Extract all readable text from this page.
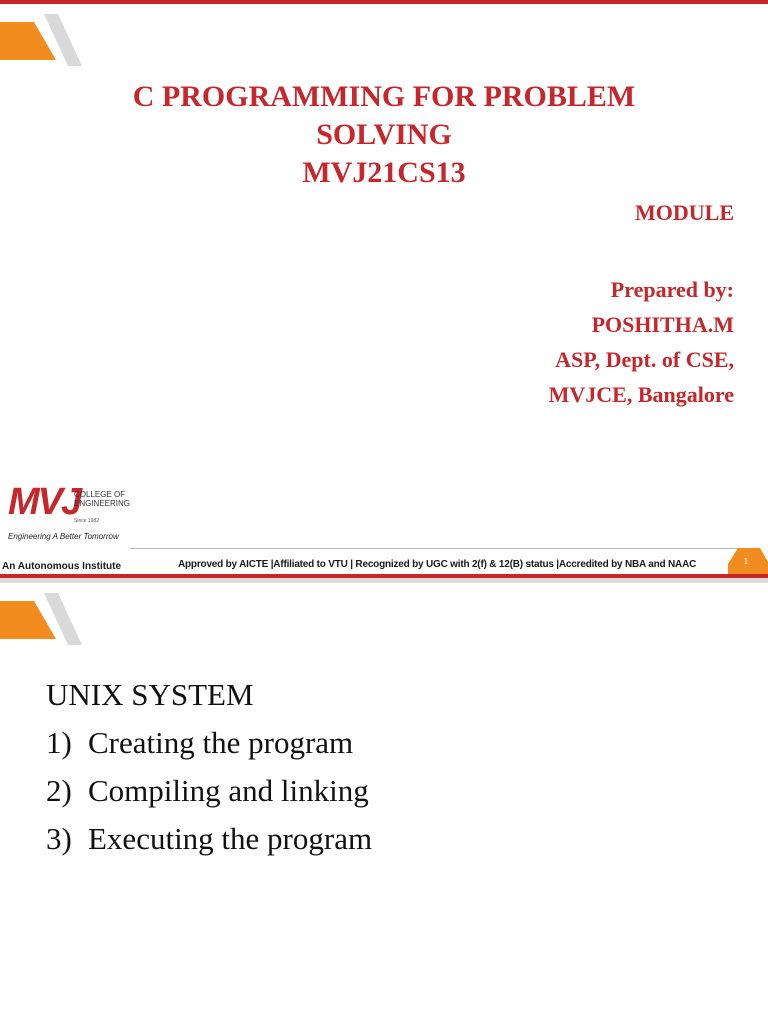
C PROGRAMMING FOR PROBLEM
SOLVING
MVJ21CS13
MODULE
Prepared by:
POSHITHA.M
ASP, Dept. of CSE,
MVJCE, Bangalore
MVJ
COLLEGE OF
ENGINEERING
Since 1982
Engineering A Better Tomorrow
An Autonomous Institute	Approved by AICTE |Affiliated to VTU | Recognized by UGC with 2(f) & 12(B) status |Accredited by NBA and NAAC	1
UNIX SYSTEM
1) Creating the program
2) Compiling and linking
3) Executing the program
